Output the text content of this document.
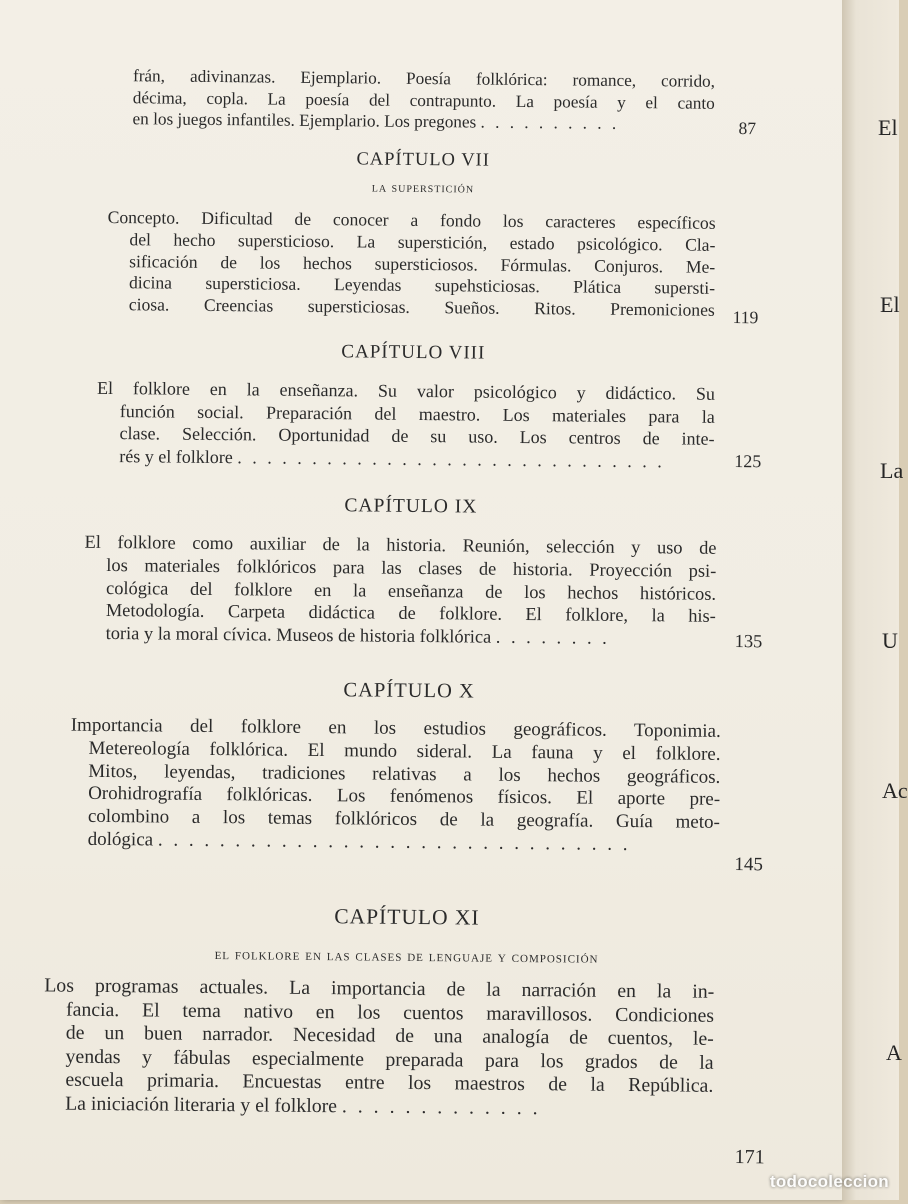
frán, adivinanzas. Ejemplario. Poesía folklórica: romance, corrido,
décima, copla. La poesía del contrapunto. La poesía y el canto
en los juegos infantiles. Ejemplario. Los pregones . . . . . . . . . .	87
CAPÍTULO VII
la superstición
Concepto. Dificultad de conocer a fondo los caracteres específicos
del hecho supersticioso. La superstición, estado psicológico. Cla-
sificación de los hechos supersticiosos. Fórmulas. Conjuros. Me-
dicina supersticiosa. Leyendas supehsticiosas. Plática supersti-
ciosa. Creencias supersticiosas. Sueños. Ritos. Premoniciones 119
CAPÍTULO VIII
El folklore en la enseñanza. Su valor psicológico y didáctico. Su
función social. Preparación del maestro. Los materiales para la
clase. Selección. Oportunidad de su uso. Los centros de inte-
rés y el folklore . . . . . . . . . . . . . . . . . . . . . . . . . . . . .	125
CAPÍTULO IX
El folklore como auxiliar de la historia. Reunión, selección y uso de
los materiales folklóricos para las clases de historia. Proyección psi-
cológica del folklore en la enseñanza de los hechos históricos.
Metodología. Carpeta didáctica de folklore. El folklore, la his-
toria y la moral cívica. Museos de historia folklórica . . . . . . . .	135
CAPÍTULO X
Importancia del folklore en los estudios geográficos. Toponimia.
Metereología folklórica. El mundo sideral. La fauna y el folklore.
Mitos, leyendas, tradiciones relativas a los hechos geográficos.
Orohidrografía folklóricas. Los fenómenos físicos. El aporte pre-
colombino a los temas folklóricos de la geografía. Guía meto-
dológica . . . . . . . . . . . . . . . . . . . . . . . . . . . . . . .
145
CAPÍTULO XI
el folklore en las clases de lenguaje y composición
Los programas actuales. La importancia de la narración en la in-
fancia. El tema nativo en los cuentos maravillosos. Condiciones
de un buen narrador. Necesidad de una analogía de cuentos, le-
yendas y fábulas especialmente preparada para los grados de la
escuela primaria. Encuestas entre los maestros de la República.
La iniciación literaria y el folklore . . . . . . . . . . . . .
171
El
El
La
U
Ac
A
todocoleccion
